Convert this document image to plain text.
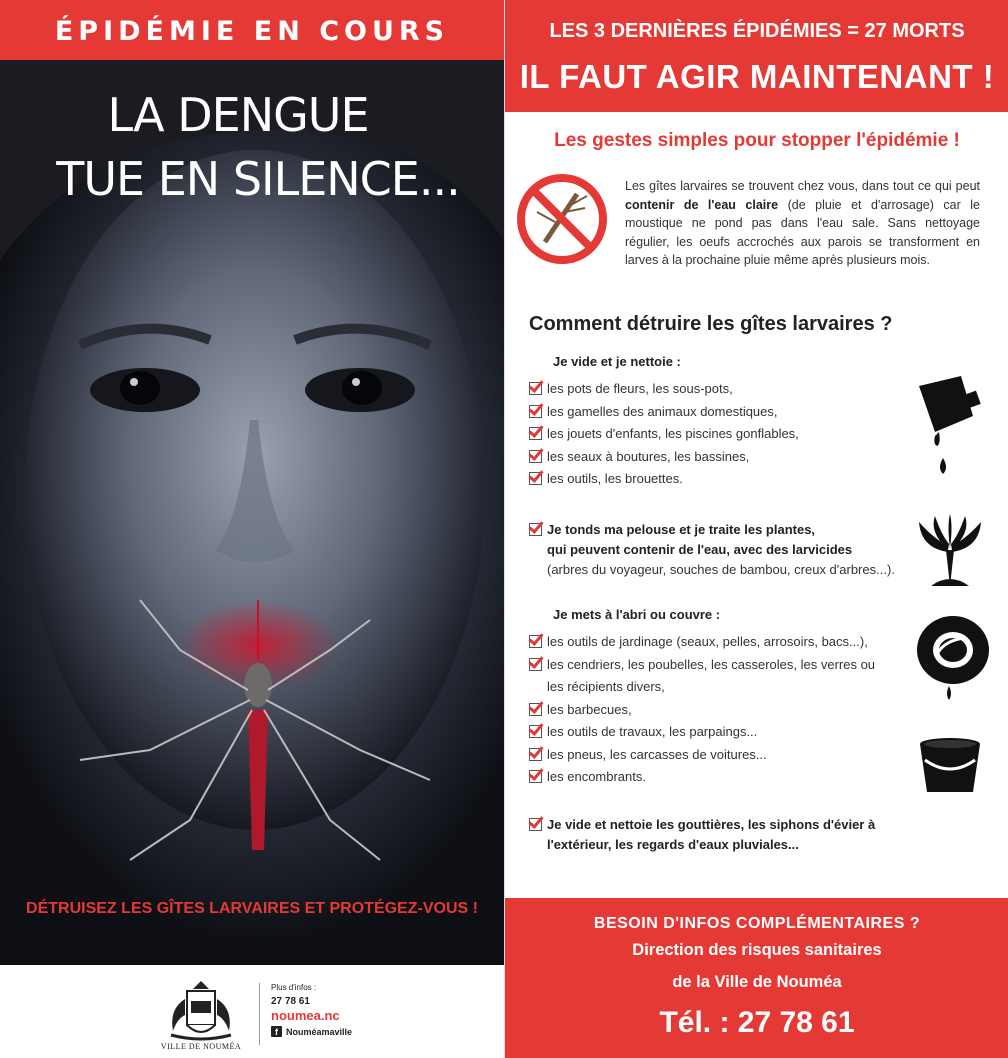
ÉPIDÉMIE EN COURS
LA DENGUE
TUE EN SILENCE...
DÉTRUISEZ LES GÎTES LARVAIRES ET PROTÉGEZ-VOUS !
VILLE DE NOUMÉA
Plus d'infos :
27 78 61
noumea.nc
f Nouméamaville
LES 3 DERNIÈRES ÉPIDÉMIES = 27 MORTS
IL FAUT AGIR MAINTENANT !
Les gestes simples pour stopper l'épidémie !
Les gîtes larvaires se trouvent chez vous, dans tout ce qui peut contenir de l'eau claire (de pluie et d'arrosage) car le moustique ne pond pas dans l'eau sale. Sans nettoyage régulier, les oeufs accrochés aux parois se transforment en larves à la prochaine pluie même après plusieurs mois.
Comment détruire les gîtes larvaires ?
Je vide et je nettoie :
les pots de fleurs, les sous-pots,
les gamelles des animaux domestiques,
les jouets d'enfants, les piscines gonflables,
les seaux à boutures, les bassines,
les outils, les brouettes.
Je tonds ma pelouse et je traite les plantes,
qui peuvent contenir de l'eau, avec des larvicides
(arbres du voyageur, souches de bambou, creux d'arbres...).
Je mets à l'abri ou couvre :
les outils de jardinage (seaux, pelles, arrosoirs, bacs...),
les cendriers, les poubelles, les casseroles, les verres ou
les récipients divers,
les barbecues,
les outils de travaux, les parpaings...
les pneus, les carcasses de voitures...
les encombrants.
Je vide et nettoie les gouttières, les siphons d'évier à
l'extérieur, les regards d'eaux pluviales...
BESOIN D'INFOS COMPLÉMENTAIRES ?
Direction des risques sanitaires
de la Ville de Nouméa
Tél. : 27 78 61
